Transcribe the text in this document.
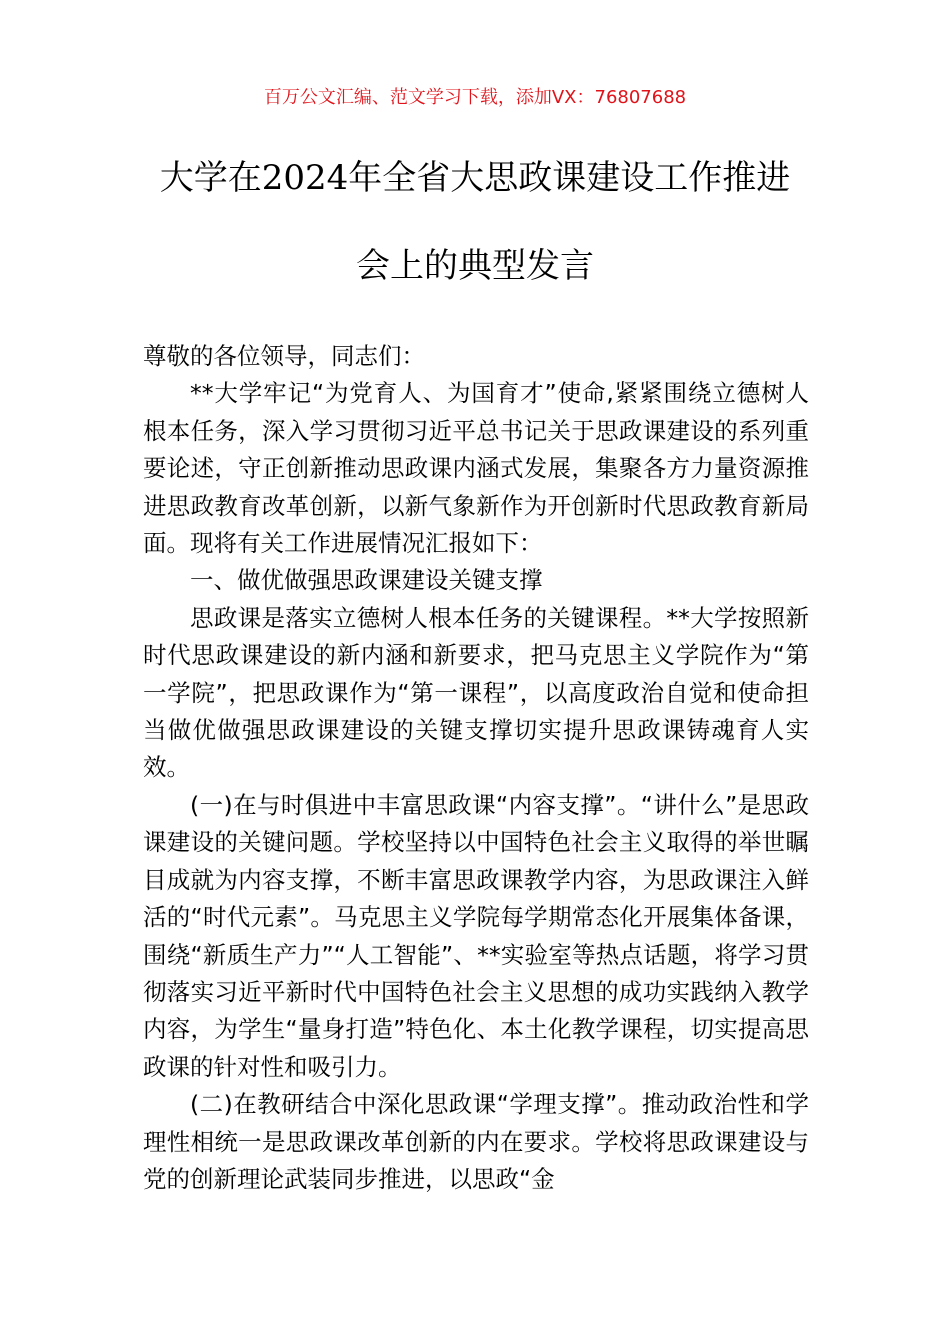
百万公文汇编、范文学习下载，添加VX：76807688
大学在2024年全省大思政课建设工作推进
会上的典型发言

尊敬的各位领导，同志们：

**大学牢记“为党育人、为国育才”使命,紧紧围绕立德树人根本任务，深入学习贯彻习近平总书记关于思政课建设的系列重要论述，守正创新推动思政课内涵式发展，集聚各方力量资源推进思政教育改革创新，以新气象新作为开创新时代思政教育新局面。现将有关工作进展情况汇报如下：

一、做优做强思政课建设关键支撑

思政课是落实立德树人根本任务的关键课程。**大学按照新时代思政课建设的新内涵和新要求，把马克思主义学院作为“第一学院”，把思政课作为“第一课程”，以高度政治自觉和使命担当做优做强思政课建设的关键支撑切实提升思政课铸魂育人实效。

(一)在与时俱进中丰富思政课“内容支撑”。“讲什么”是思政课建设的关键问题。学校坚持以中国特色社会主义取得的举世瞩目成就为内容支撑，不断丰富思政课教学内容，为思政课注入鲜活的“时代元素”。马克思主义学院每学期常态化开展集体备课，围绕“新质生产力”“人工智能”、**实验室等热点话题，将学习贯彻落实习近平新时代中国特色社会主义思想的成功实践纳入教学内容，为学生“量身打造”特色化、本土化教学课程，切实提高思政课的针对性和吸引力。

(二)在教研结合中深化思政课“学理支撑”。推动政治性和学理性相统一是思政课改革创新的内在要求。学校将思政课建设与党的创新理论武装同步推进，以思政“金
